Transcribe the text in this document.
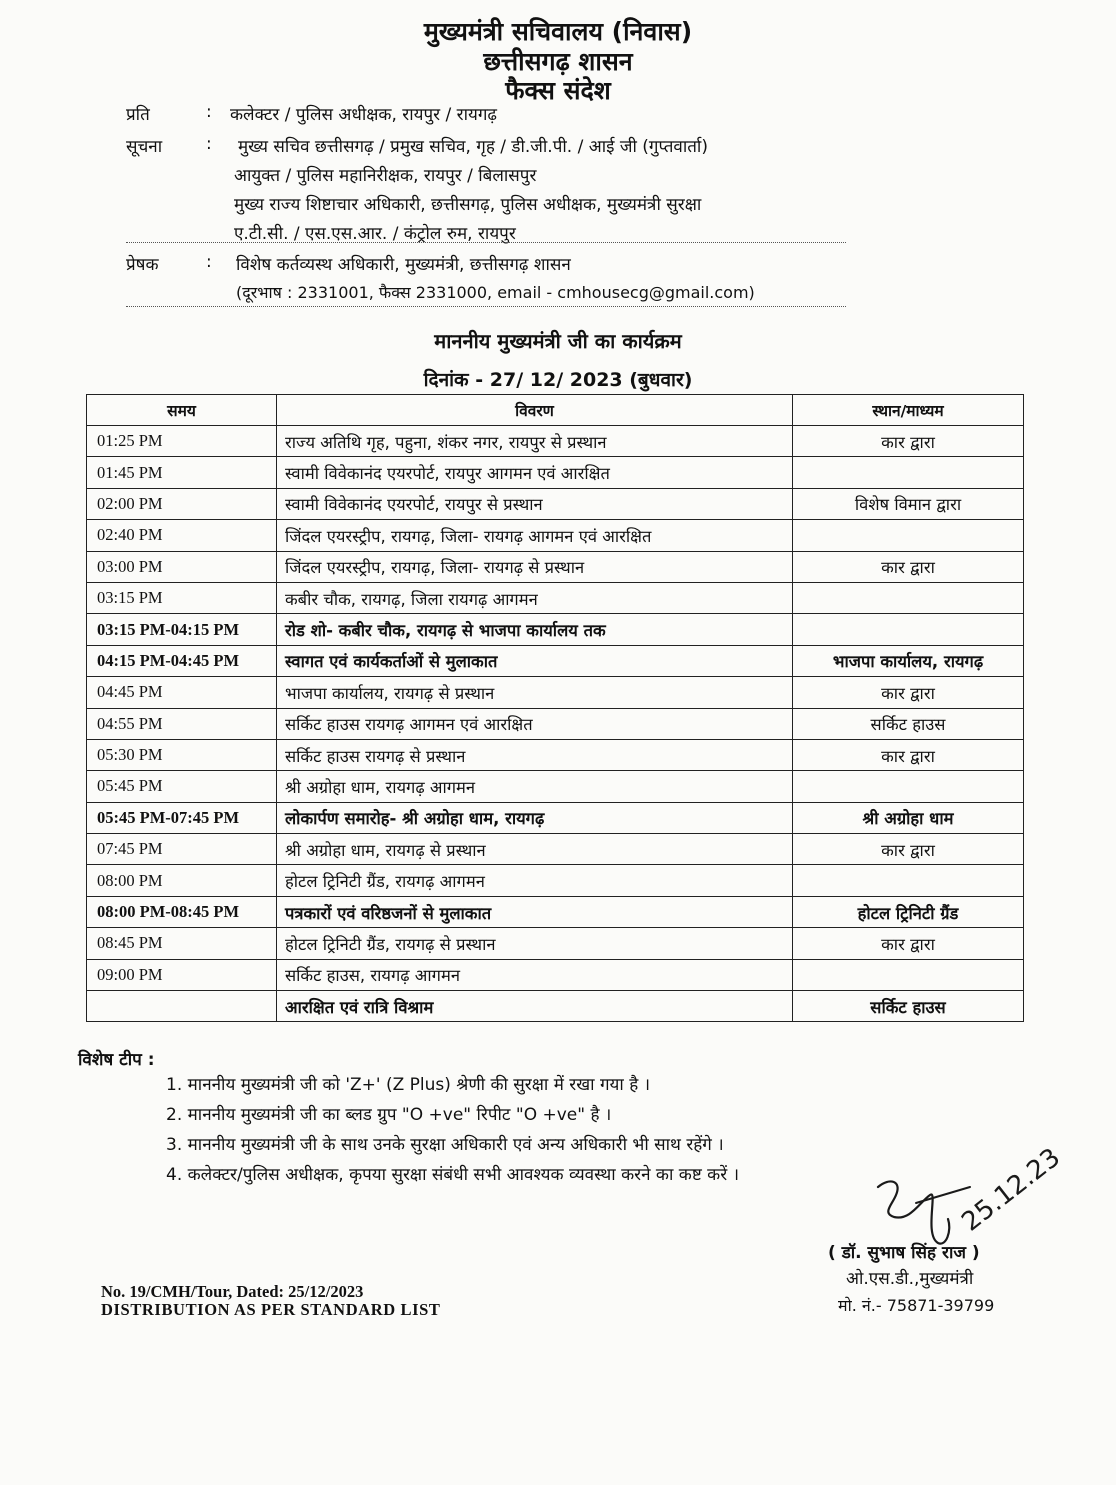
मुख्यमंत्री सचिवालय (निवास)
छत्तीसगढ़ शासन
फैक्स संदेश
प्रति	: कलेक्टर / पुलिस अधीक्षक, रायपुर / रायगढ़
सूचना	: मुख्य सचिव छत्तीसगढ़ / प्रमुख सचिव, गृह / डी.जी.पी. / आई जी (गुप्तवार्ता)
आयुक्त / पुलिस महानिरीक्षक, रायपुर / बिलासपुर
मुख्य राज्य शिष्टाचार अधिकारी, छत्तीसगढ़, पुलिस अधीक्षक, मुख्यमंत्री सुरक्षा
ए.टी.सी. / एस.एस.आर. / कंट्रोल रुम, रायपुर
प्रेषक	: विशेष कर्तव्यस्थ अधिकारी, मुख्यमंत्री, छत्तीसगढ़ शासन
(दूरभाष : 2331001, फैक्स 2331000, email - cmhousecg@gmail.com)
माननीय मुख्यमंत्री जी का कार्यक्रम
दिनांक - 27/ 12/ 2023 (बुधवार)
समय	विवरण	स्थान/माध्यम
01:25 PM	राज्य अतिथि गृह, पहुना, शंकर नगर, रायपुर से प्रस्थान	कार द्वारा
01:45 PM	स्वामी विवेकानंद एयरपोर्ट, रायपुर आगमन एवं आरक्षित	
02:00 PM	स्वामी विवेकानंद एयरपोर्ट, रायपुर से प्रस्थान	विशेष विमान द्वारा
02:40 PM	जिंदल एयरस्ट्रीप, रायगढ़, जिला- रायगढ़ आगमन एवं आरक्षित	
03:00 PM	जिंदल एयरस्ट्रीप, रायगढ़, जिला- रायगढ़ से प्रस्थान	कार द्वारा
03:15 PM	कबीर चौक, रायगढ़, जिला रायगढ़ आगमन	
03:15 PM-04:15 PM	रोड शो- कबीर चौक, रायगढ़ से भाजपा कार्यालय तक	
04:15 PM-04:45 PM	स्वागत एवं कार्यकर्ताओं से मुलाकात	भाजपा कार्यालय, रायगढ़
04:45 PM	भाजपा कार्यालय, रायगढ़ से प्रस्थान	कार द्वारा
04:55 PM	सर्किट हाउस रायगढ़ आगमन एवं आरक्षित	सर्किट हाउस
05:30 PM	सर्किट हाउस रायगढ़ से प्रस्थान	कार द्वारा
05:45 PM	श्री अग्रोहा धाम, रायगढ़ आगमन	
05:45 PM-07:45 PM	लोकार्पण समारोह- श्री अग्रोहा धाम, रायगढ़	श्री अग्रोहा धाम
07:45 PM	श्री अग्रोहा धाम, रायगढ़ से प्रस्थान	कार द्वारा
08:00 PM	होटल ट्रिनिटी ग्रैंड, रायगढ़ आगमन	
08:00 PM-08:45 PM	पत्रकारों एवं वरिष्ठजनों से मुलाकात	होटल ट्रिनिटी ग्रैंड
08:45 PM	होटल ट्रिनिटी ग्रैंड, रायगढ़ से प्रस्थान	कार द्वारा
09:00 PM	सर्किट हाउस, रायगढ़ आगमन	
	आरक्षित एवं रात्रि विश्राम	सर्किट हाउस
विशेष टीप :
1. माननीय मुख्यमंत्री जी को 'Z+' (Z Plus) श्रेणी की सुरक्षा में रखा गया है ।
2. माननीय मुख्यमंत्री जी का ब्लड ग्रुप "O +ve" रिपीट "O +ve" है ।
3. माननीय मुख्यमंत्री जी के साथ उनके सुरक्षा अधिकारी एवं अन्य अधिकारी भी साथ रहेंगे ।
4. कलेक्टर/पुलिस अधीक्षक, कृपया सुरक्षा संबंधी सभी आवश्यक व्यवस्था करने का कष्ट करें ।	25.12.23
( डॉ. सुभाष सिंह राज )
ओ.एस.डी.,मुख्यमंत्री
मो. नं.- 75871-39799
No. 19/CMH/Tour, Dated: 25/12/2023
DISTRIBUTION AS PER STANDARD LIST
